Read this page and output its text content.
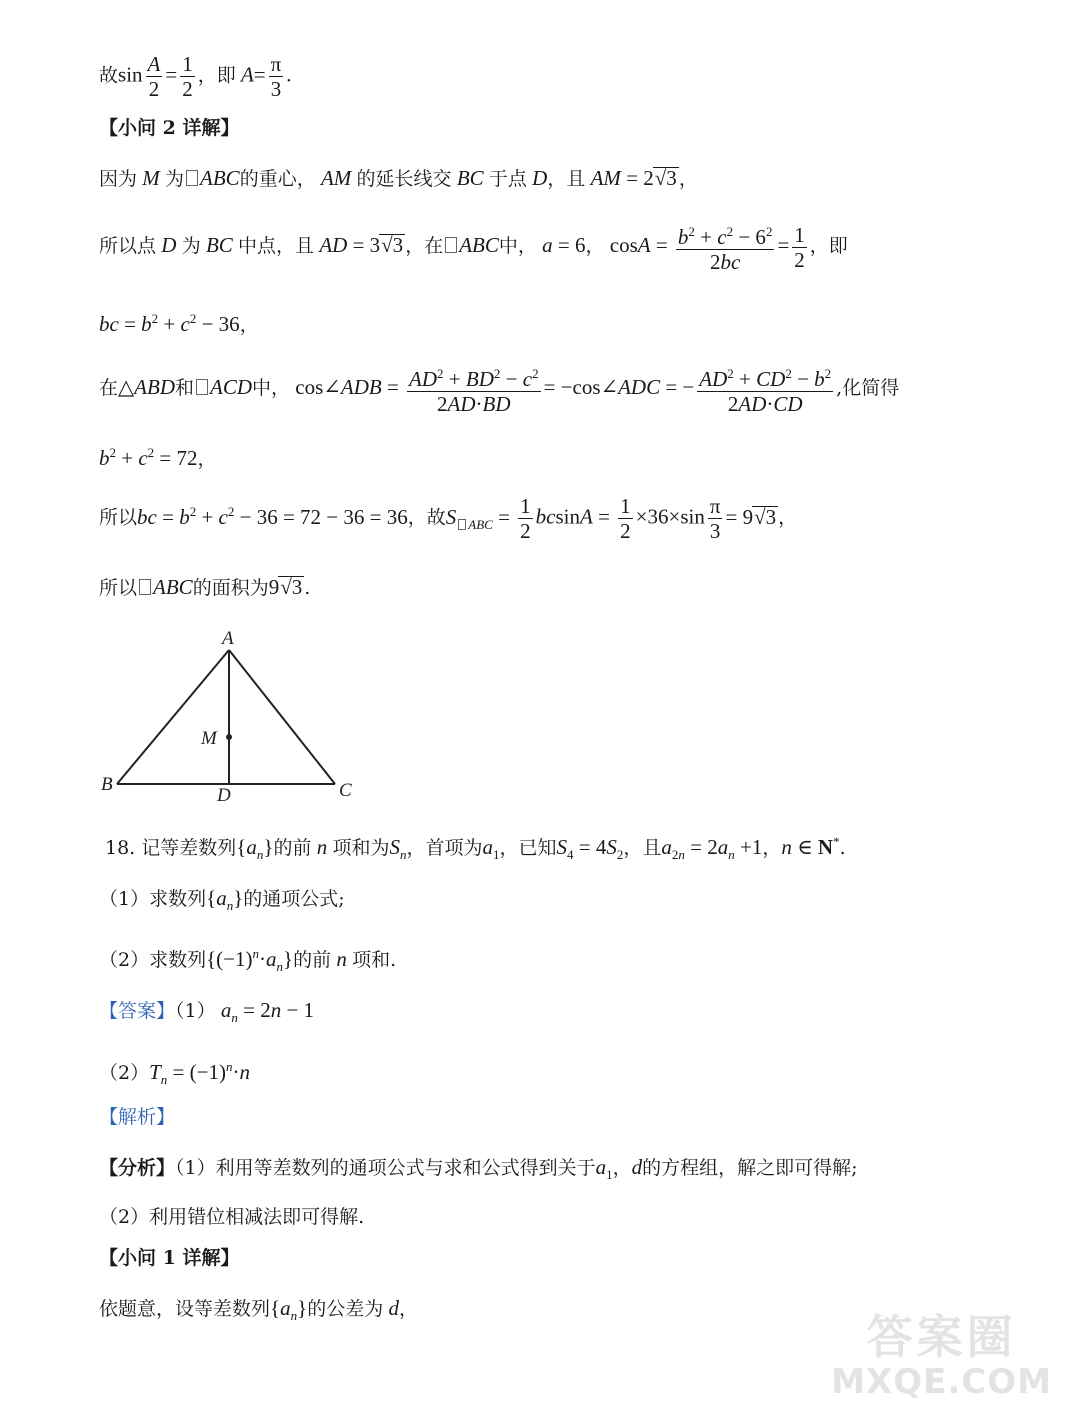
故$\sin \frac{A}{2} = \frac{1}{2}$ ，即 $A= \frac{\pi}{3}$ .
【小问 2 详解】
因为 M 为 ABC的重心， AM 的延长线交 BC 于点 D，且 AM = 2√3 ，
所以点 D 为 BC 中点，且 AD = 3√3 ，在 ABC中， a = 6， $\cos A = \frac{b^2 + c^2 - 6^2}{2bc} = \frac{1}{2}$ ，即
bc = $b^2 + c^2 - 36$，
在△ABD和 ACD中， cos∠ADB = $\frac{AD^2 + BD^2 - c^2}{2AD\cdot BD}$ = −cos∠ADC = − $\frac{AD^2 + CD^2 - b^2}{2AD\cdot CD}$ ,化简得
$b^2 + c^2 = 72$，
所以bc = $b^2 + c^2 - 36 = 72 - 36 = 36$，故S $_{ABC} = \frac{1}{2}$ $bcsinA = \frac{1}{2} \times 36\times\sin \frac{\pi}{3} = 9√3$ ，
所以 ABC的面积为9√3 .
A
M
B
D	C
18. 记等差数列$\{a_n\}$的前 n 项和为$S_n$，首项为$a_1$，已知$S_4 = 4S_2$，且$a_{2n} = 2a_n +1$，n ∈ N*.
（1）求数列$\{a_n\}$的通项公式;
（2）求数列$\{(-1)^n\cdot a_n\}$的前 n 项和.
【答案】（1） $a_n = 2n - 1$
$(2)T_n = (-1)^n\cdot n$
【解析】
【分析】（1）利用等差数列的通项公式与求和公式得到关于$a_1$，d的方程组，解之即可得解;
（2）利用错位相减法即可得解.
【小问 1 详解】
依题意，设等差数列$\{a_n\}$的公差为 d，
答案圈
MXQE.COM
